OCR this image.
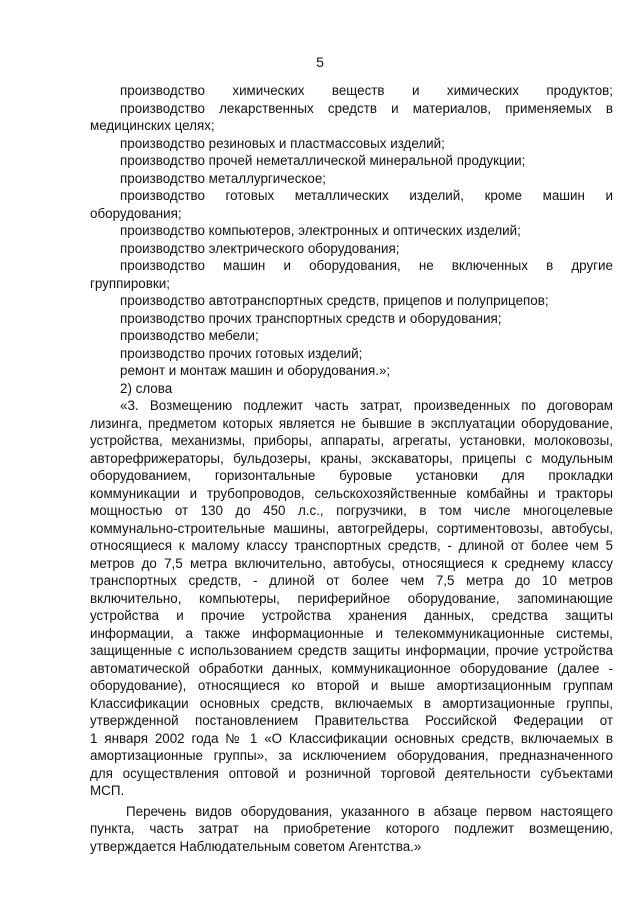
5
производство химических веществ и химических продуктов;
производство лекарственных средств и материалов, применяемых в
медицинских целях;
производство резиновых и пластмассовых изделий;
производство прочей неметаллической минеральной продукции;
производство металлургическое;
производство готовых металлических изделий, кроме машин и
оборудования;
производство компьютеров, электронных и оптических изделий;
производство электрического оборудования;
производство машин и оборудования, не включенных в другие
группировки;
производство автотранспортных средств, прицепов и полуприцепов;
производство прочих транспортных средств и оборудования;
производство мебели;
производство прочих готовых изделий;
ремонт и монтаж машин и оборудования.»;
2) слова
«3. Возмещению подлежит часть затрат, произведенных по договорам
лизинга, предметом которых является не бывшие в эксплуатации оборудование,
устройства, механизмы, приборы, аппараты, агрегаты, установки, молоковозы,
авторефрижераторы, бульдозеры, краны, экскаваторы, прицепы с модульным
оборудованием, горизонтальные буровые установки для прокладки
коммуникации и трубопроводов, сельскохозяйственные комбайны и тракторы
мощностью от 130 до 450 л.с., погрузчики, в том числе многоцелевые
коммунально-строительные машины, автогрейдеры, сортиментовозы, автобусы,
относящиеся к малому классу транспортных средств, - длиной от более чем 5
метров до 7,5 метра включительно, автобусы, относящиеся к среднему классу
транспортных средств, - длиной от более чем 7,5 метра до 10 метров
включительно, компьютеры, периферийное оборудование, запоминающие
устройства и прочие устройства хранения данных, средства защиты
информации, а также информационные и телекоммуникационные системы,
защищенные с использованием средств защиты информации, прочие устройства
автоматической обработки данных, коммуникационное оборудование (далее -
оборудование), относящиеся ко второй и выше амортизационным группам
Классификации основных средств, включаемых в амортизационные группы,
утвержденной постановлением Правительства Российской Федерации от
1 января 2002 года № 1 «О Классификации основных средств, включаемых в
амортизационные группы», за исключением оборудования, предназначенного
для осуществления оптовой и розничной торговой деятельности субъектами
МСП.
Перечень видов оборудования, указанного в абзаце первом настоящего
пункта, часть затрат на приобретение которого подлежит возмещению,
утверждается Наблюдательным советом Агентства.»
